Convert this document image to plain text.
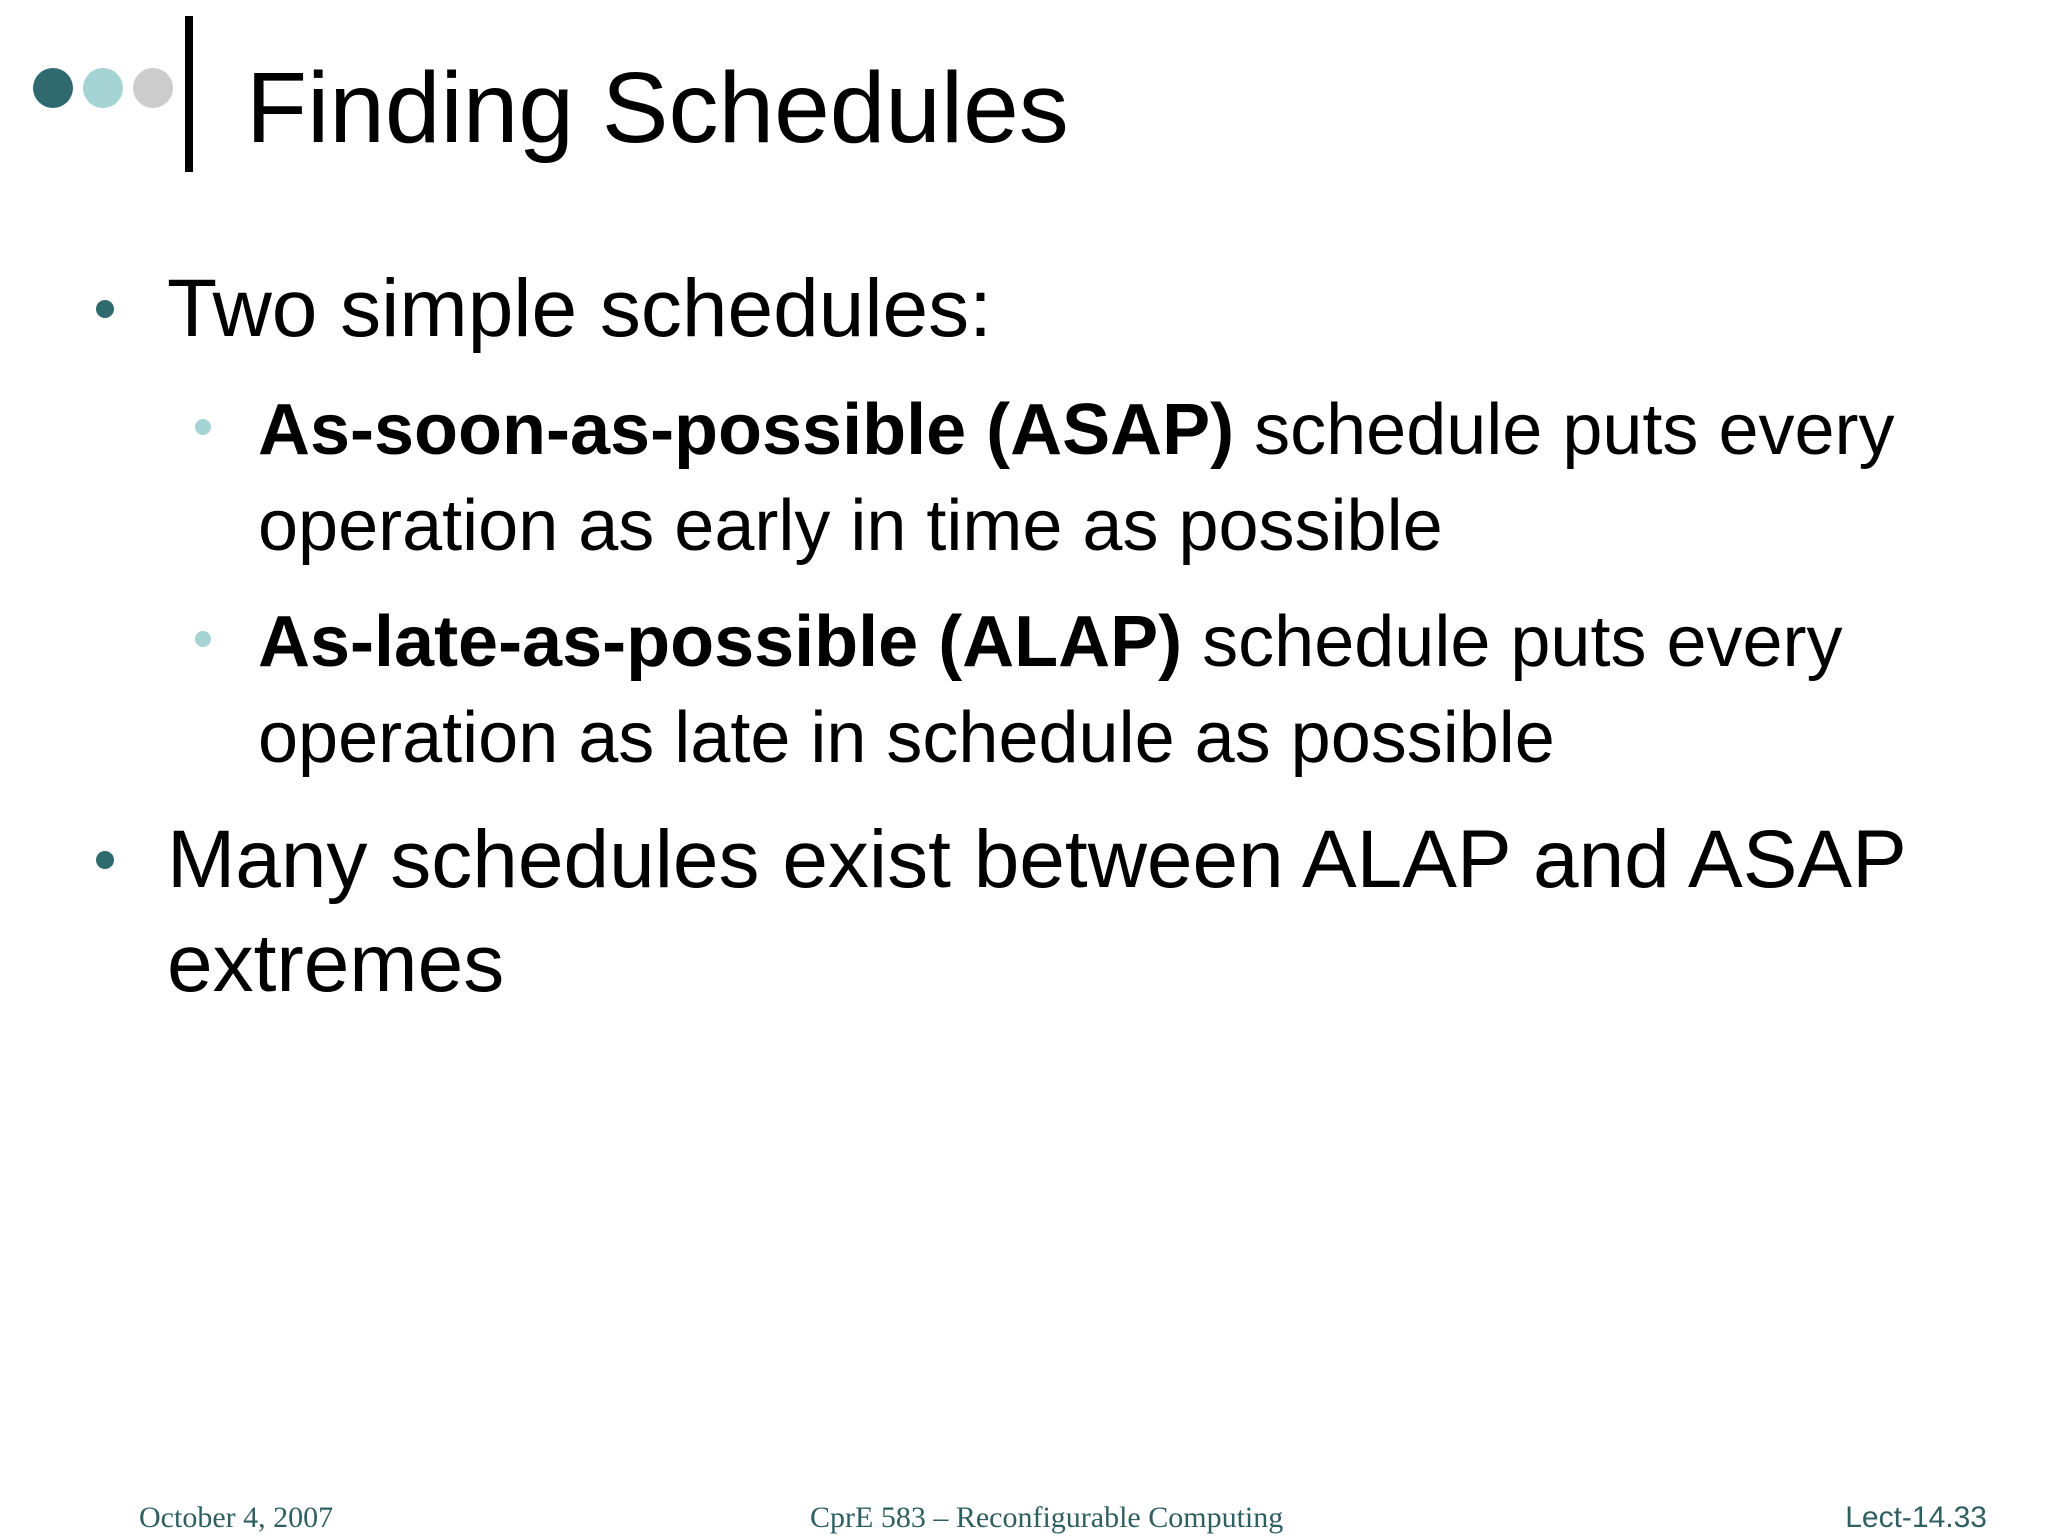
Finding Schedules
Two simple schedules:
As-soon-as-possible (ASAP) schedule puts every operation as early in time as possible
As-late-as-possible (ALAP) schedule puts every operation as late in schedule as possible
Many schedules exist between ALAP and ASAP extremes
October 4, 2007	CprE 583 – Reconfigurable Computing	Lect-14.33
